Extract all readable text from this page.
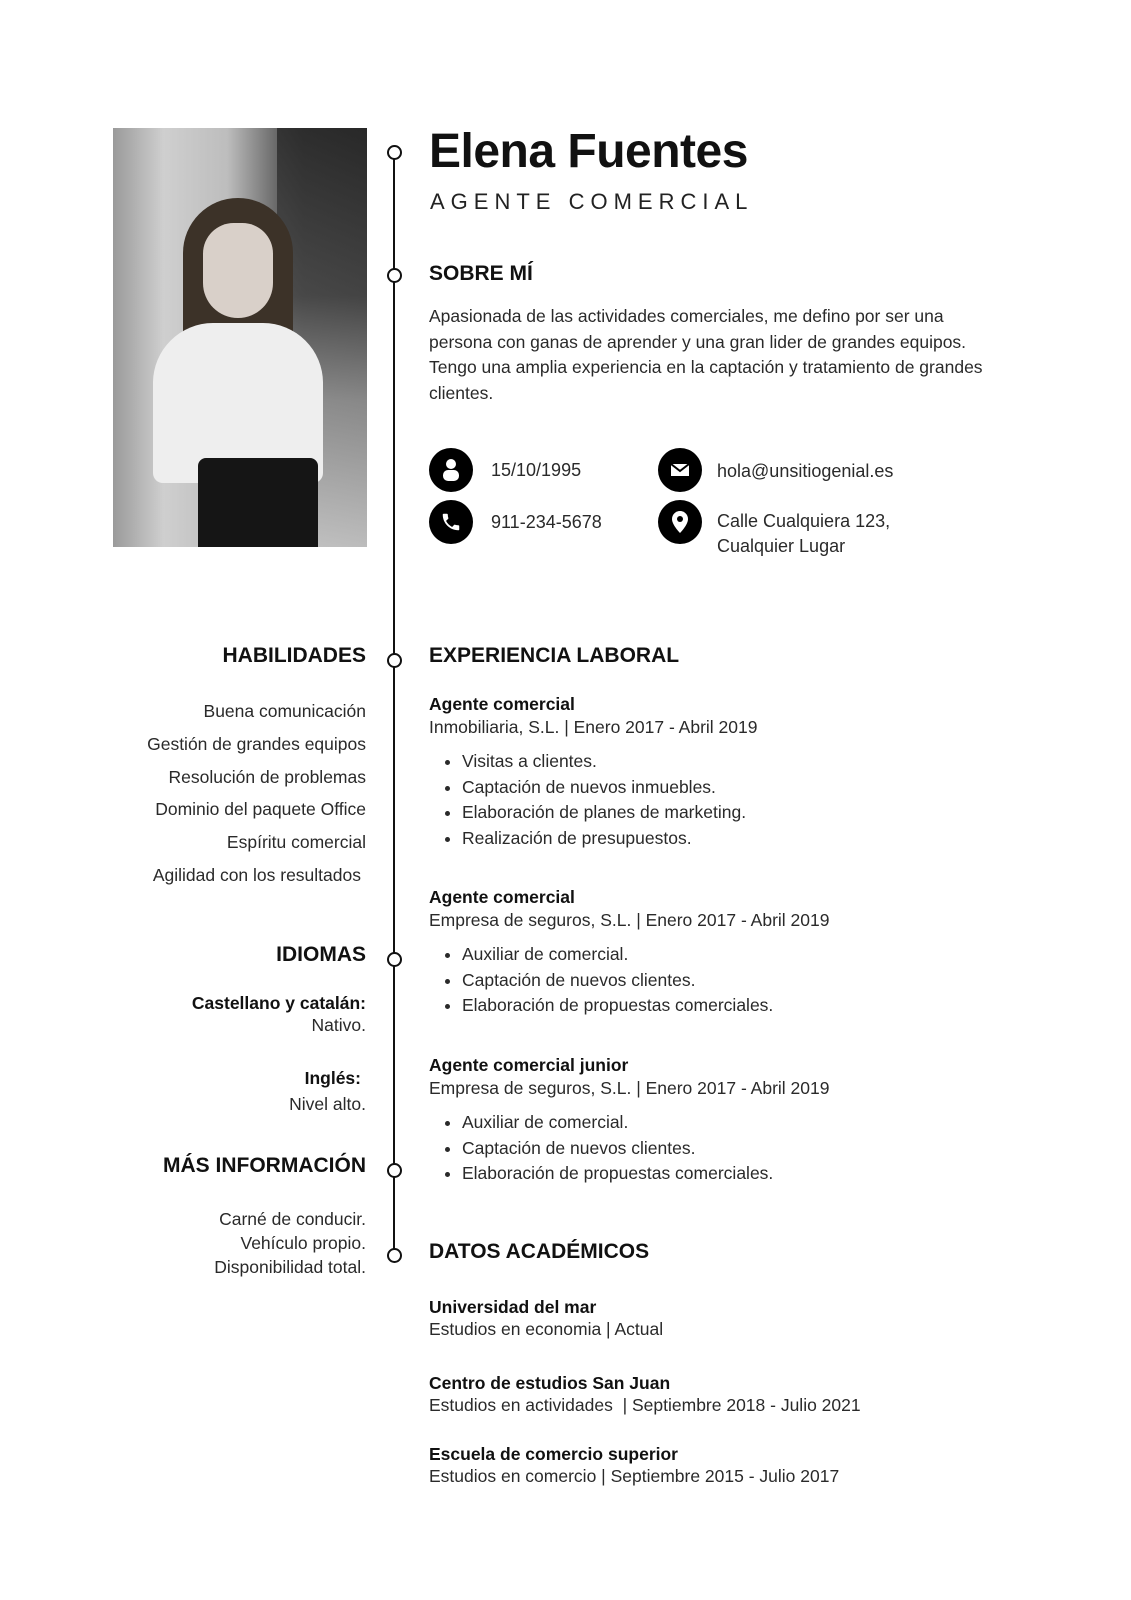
Elena Fuentes
AGENTE COMERCIAL
SOBRE MÍ
Apasionada de las actividades comerciales, me defino por ser una persona con ganas de aprender y una gran lider de grandes equipos. Tengo una amplia experiencia en la captación y tratamiento de grandes clientes.
15/10/1995	hola@unsitiogenial.es
911-234-5678	Calle Cualquiera 123,
Cualquier Lugar
HABILIDADES
Buena comunicación
Gestión de grandes equipos
Resolución de problemas
Dominio del paquete Office
Espíritu comercial
Agilidad con los resultados
IDIOMAS
Castellano y catalán:
Nativo.
Inglés:
Nivel alto.
MÁS INFORMACIÓN
Carné de conducir.
Vehículo propio.
Disponibilidad total.
EXPERIENCIA LABORAL
Agente comercial
Inmobiliaria, S.L. | Enero 2017 - Abril 2019
• Visitas a clientes.
• Captación de nuevos inmuebles.
• Elaboración de planes de marketing.
• Realización de presupuestos.
Agente comercial
Empresa de seguros, S.L. | Enero 2017 - Abril 2019
• Auxiliar de comercial.
• Captación de nuevos clientes.
• Elaboración de propuestas comerciales.
Agente comercial junior
Empresa de seguros, S.L. | Enero 2017 - Abril 2019
• Auxiliar de comercial.
• Captación de nuevos clientes.
• Elaboración de propuestas comerciales.
DATOS ACADÉMICOS
Universidad del mar
Estudios en economia | Actual
Centro de estudios San Juan
Estudios en actividades  | Septiembre 2018 - Julio 2021
Escuela de comercio superior
Estudios en comercio | Septiembre 2015 - Julio 2017
